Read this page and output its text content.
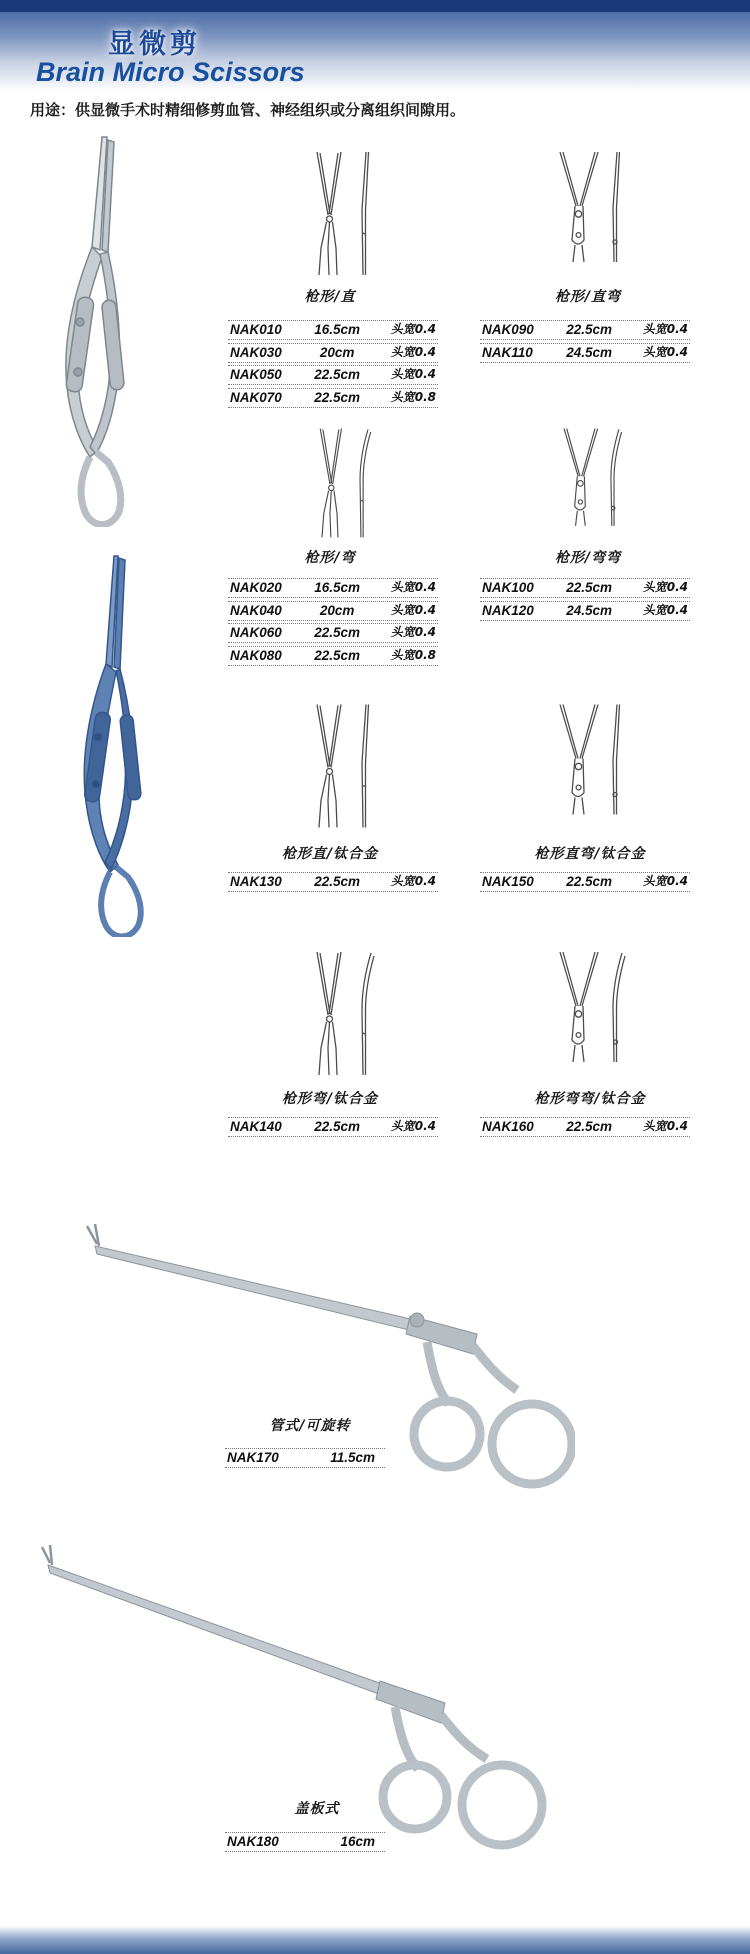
显微剪
Brain Micro Scissors
用途：供显微手术时精细修剪血管、神经组织或分离组织间隙用。
枪形/直	枪形/直弯
NAK010	16.5cm	头宽0.4
NAK030	20cm	头宽0.4
NAK050	22.5cm	头宽0.4
NAK070	22.5cm	头宽0.8
NAK090	22.5cm	头宽0.4
NAK110	24.5cm	头宽0.4
枪形/弯	枪形/弯弯
NAK020	16.5cm	头宽0.4
NAK040	20cm	头宽0.4
NAK060	22.5cm	头宽0.4
NAK080	22.5cm	头宽0.8
NAK100	22.5cm	头宽0.4
NAK120	24.5cm	头宽0.4
枪形直/钛合金	枪形直弯/钛合金
NAK130	22.5cm	头宽0.4	NAK150	22.5cm	头宽0.4
枪形弯/钛合金	枪形弯弯/钛合金
NAK140	22.5cm	头宽0.4	NAK160	22.5cm	头宽0.4
管式/可旋转
NAK170	11.5cm
盖板式
NAK180	16cm
